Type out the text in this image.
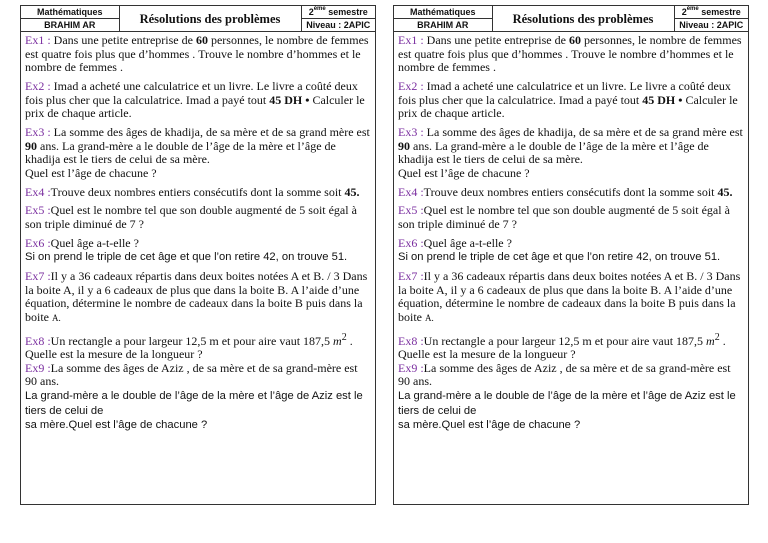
Mathématiques	Résolutions des problèmes	2ème semestre
BRAHIM AR		Niveau : 2APIC
Ex1 : Dans une petite entreprise de 60 personnes, le nombre de femmes est quatre fois plus que d’hommes . Trouve le nombre d’hommes et le nombre de femmes .
Ex2 : Imad a acheté une calculatrice et un livre. Le livre a coûté deux fois plus cher que la calculatrice. Imad a payé tout 45 DH • Calculer le prix de chaque article.
Ex3 : La somme des âges de khadija, de sa mère et de sa grand mère est 90 ans. La grand-mère a le double de l’âge de la mère et l’âge de khadija est le tiers de celui de sa mère.
Quel est l’âge de chacune ?
Ex4 :Trouve deux nombres entiers consécutifs dont la somme soit 45.
Ex5 :Quel est le nombre tel que son double augmenté de 5 soit égal à son triple diminué de 7 ?
Ex6 :Quel âge a-t-elle ?
Si on prend le triple de cet âge et que l’on retire 42, on trouve 51.
Ex7 :Il y a 36 cadeaux répartis dans deux boites notées A et B. / 3 Dans la boite A, il y a 6 cadeaux de plus que dans la boite B. A l’aide d’une équation, détermine le nombre de cadeaux dans la boite B puis dans la boite A.
Ex8 :Un rectangle a pour largeur 12,5 m et pour aire vaut 187,5 $m^2$ . Quelle est la mesure de la longueur ?
Ex9 :La somme des âges de Aziz , de sa mère et de sa grand-mère est 90 ans.
La grand-mère a le double de l’âge de la mère et l’âge de Aziz est le tiers de celui de
sa mère.Quel est l’âge de chacune ?
Mathématiques	Résolutions des problèmes	2ème semestre
BRAHIM AR		Niveau : 2APIC
Ex1 : Dans une petite entreprise de 60 personnes, le nombre de femmes est quatre fois plus que d’hommes . Trouve le nombre d’hommes et le nombre de femmes .
Ex2 : Imad a acheté une calculatrice et un livre. Le livre a coûté deux fois plus cher que la calculatrice. Imad a payé tout 45 DH • Calculer le prix de chaque article.
Ex3 : La somme des âges de khadija, de sa mère et de sa grand mère est 90 ans. La grand-mère a le double de l’âge de la mère et l’âge de khadija est le tiers de celui de sa mère.
Quel est l’âge de chacune ?
Ex4 :Trouve deux nombres entiers consécutifs dont la somme soit 45.
Ex5 :Quel est le nombre tel que son double augmenté de 5 soit égal à son triple diminué de 7 ?
Ex6 :Quel âge a-t-elle ?
Si on prend le triple de cet âge et que l’on retire 42, on trouve 51.
Ex7 :Il y a 36 cadeaux répartis dans deux boites notées A et B. / 3 Dans la boite A, il y a 6 cadeaux de plus que dans la boite B. A l’aide d’une équation, détermine le nombre de cadeaux dans la boite B puis dans la boite A.
Ex8 :Un rectangle a pour largeur 12,5 m et pour aire vaut 187,5 $m^2$ . Quelle est la mesure de la longueur ?
Ex9 :La somme des âges de Aziz , de sa mère et de sa grand-mère est 90 ans.
La grand-mère a le double de l’âge de la mère et l’âge de Aziz est le tiers de celui de
sa mère.Quel est l’âge de chacune ?
